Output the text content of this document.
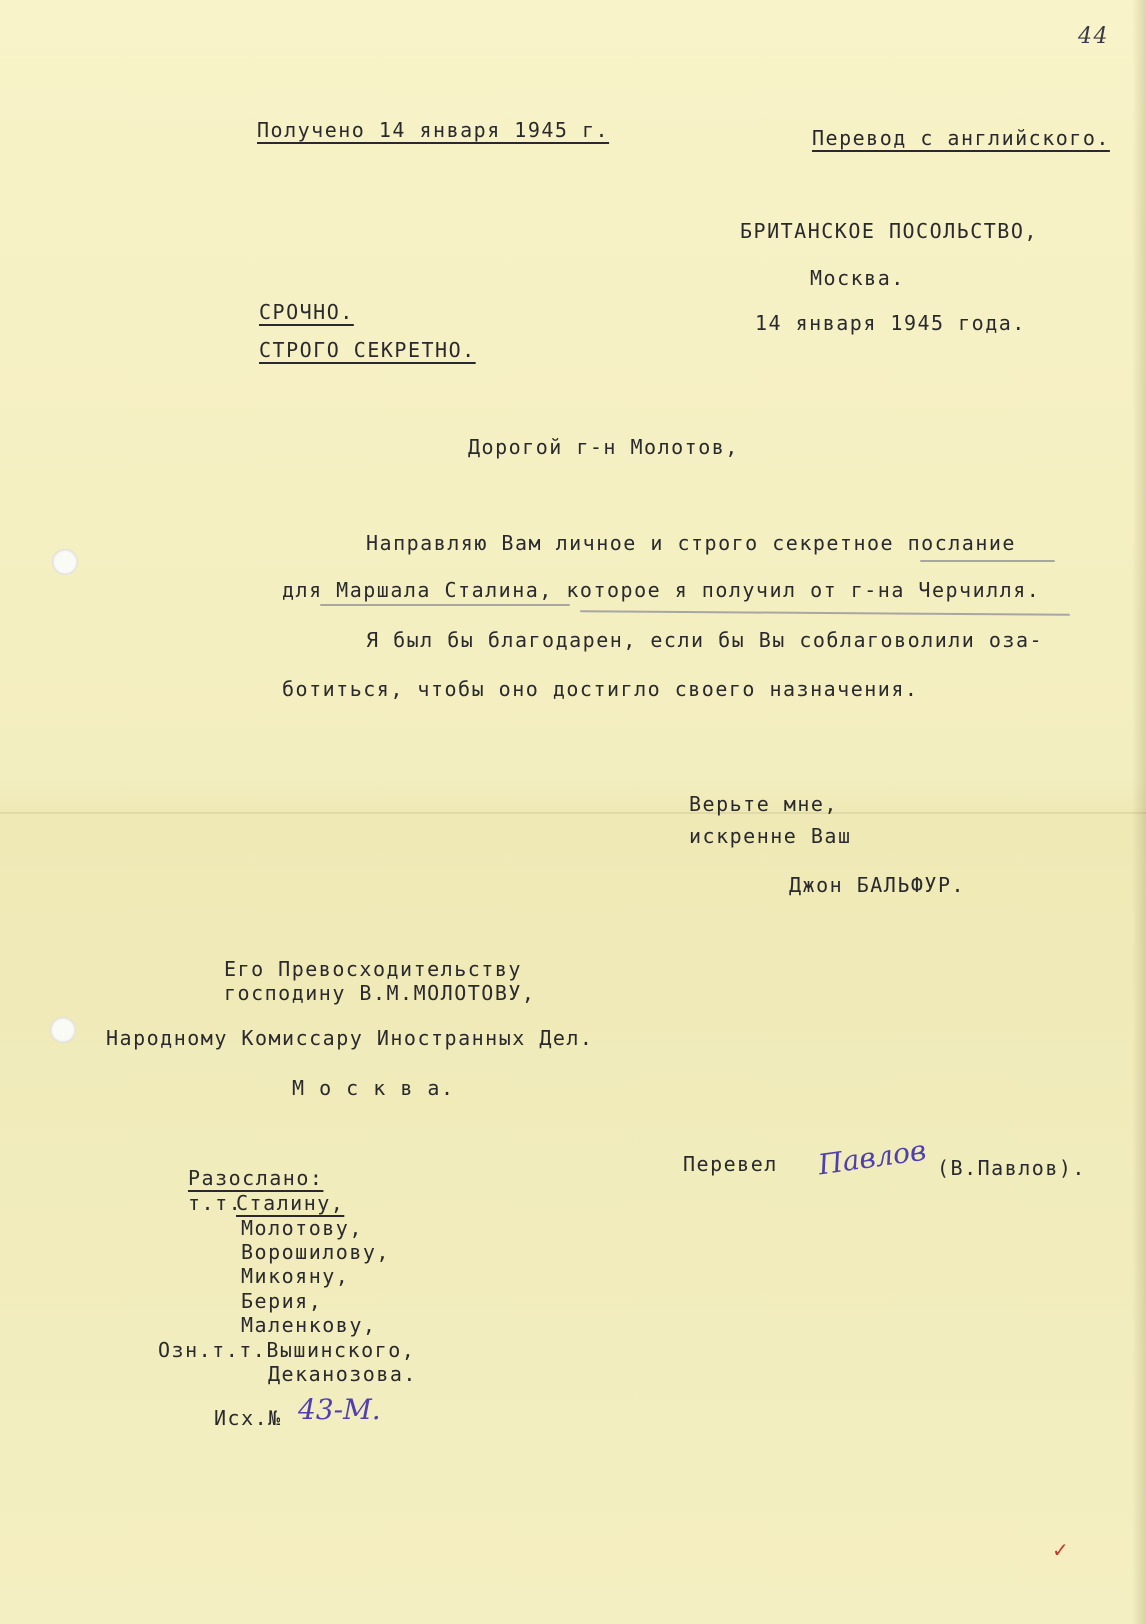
44
Получено 14 января 1945 г.	Перевод с английского.
БРИТАНСКОЕ ПОСОЛЬСТВО,
Москва.
14 января 1945 года.
СРОЧНО.
СТРОГО СЕКРЕТНО.
Дорогой г-н Молотов,
Направляю Вам личное и строго секретное послание
для Маршала Сталина, которое я получил от г-на Черчилля.
Я был бы благодарен, если бы Вы соблаговолили оза-
ботиться, чтобы оно достигло своего назначения.
Верьте мне,
искренне Ваш
Джон БАЛЬФУР.
Его Превосходительству
господину В.М.МОЛОТОВУ,
Народному Комиссару Иностранных Дел.
М о с к в а.
Перевел Павлов (В.Павлов).
Разослано:
т.т.
Сталину,
Молотову,
Ворошилову,
Микояну,
Берия,
Маленкову,
Озн.т.т.Вышинского,
Деканозова.
Исх.№ 43-М.
✓
